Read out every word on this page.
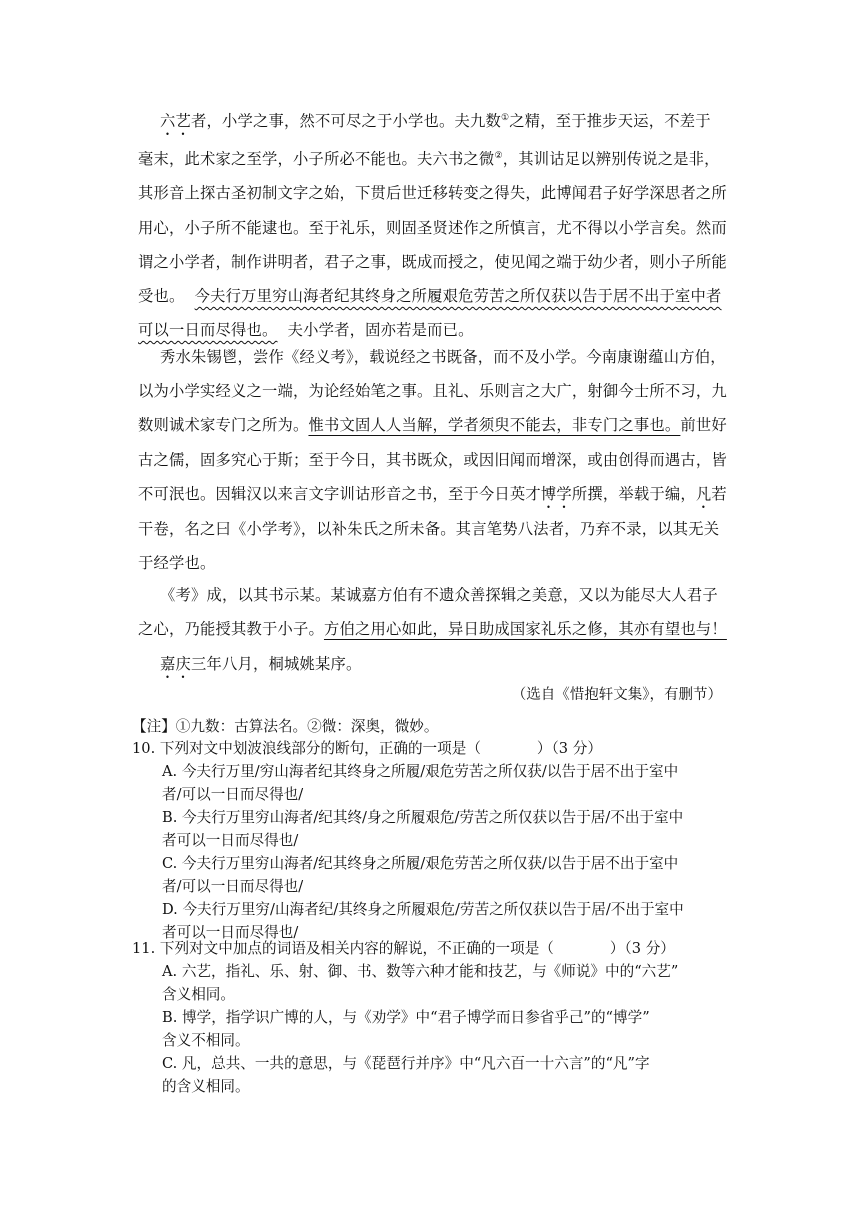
六艺者，小学之事，然不可尽之于小学也。夫九数①之精，至于推步天运，不差于
毫末，此术家之至学，小子所必不能也。夫六书之微②，其训诂足以辨别传说之是非，
其形音上探古圣初制文字之始，下贯后世迁移转变之得失，此博闻君子好学深思者之所
用心，小子所不能逮也。至于礼乐，则固圣贤述作之所慎言，尤不得以小学言矣。然而
谓之小学者，制作讲明者，君子之事，既成而授之，使见闻之端于幼少者，则小子所能
受也。 今夫行万里穷山海者纪其终身之所履艰危劳苦之所仅获以告于居不出于室中者
可以一日而尽得也。 夫小学者，固亦若是而已。
秀水朱锡鬯，尝作《经义考》，载说经之书既备，而不及小学。今南康谢蕴山方伯，
以为小学实经义之一端，为论经始笔之事。且礼、乐则言之大广，射御今士所不习，九
数则诚术家专门之所为。惟书文固人人当解，学者须臾不能去，非专门之事也。前世好
古之儒，固多究心于斯；至于今日，其书既众，或因旧闻而增深，或由创得而遇古，皆
不可泯也。因辑汉以来言文字训诂形音之书，至于今日英才博学所撰，举载于编，凡若
干卷，名之曰《小学考》，以补朱氏之所未备。其言笔势八法者，乃弃不录，以其无关
于经学也。
《考》成，以其书示某。某诚嘉方伯有不遗众善探辑之美意，又以为能尽大人君子
之心，乃能授其教于小子。方伯之用心如此，异日助成国家礼乐之修，其亦有望也与！
嘉庆三年八月，桐城姚某序。
（选自《惜抱轩文集》，有删节）
【注】①九数：古算法名。②微：深奥，微妙。
10. 下列对文中划波浪线部分的断句，正确的一项是（	）（3 分）
A. 今夫行万里/穷山海者纪其终身之所履/艰危劳苦之所仅获/以告于居不出于室中
者/可以一日而尽得也/
B. 今夫行万里穷山海者/纪其终/身之所履艰危/劳苦之所仅获以告于居/不出于室中
者可以一日而尽得也/
C. 今夫行万里穷山海者/纪其终身之所履/艰危劳苦之所仅获/以告于居不出于室中
者/可以一日而尽得也/
D. 今夫行万里穷/山海者纪/其终身之所履艰危/劳苦之所仅获以告于居/不出于室中
者可以一日而尽得也/
11. 下列对文中加点的词语及相关内容的解说，不正确的一项是（	）（3 分）
A. 六艺，指礼、乐、射、御、书、数等六种才能和技艺，与《师说》中的“六艺”
含义相同。
B. 博学，指学识广博的人，与《劝学》中“君子博学而日参省乎己”的“博学”
含义不相同。
C. 凡，总共、一共的意思，与《琵琶行并序》中“凡六百一十六言”的“凡”字
的含义相同。
